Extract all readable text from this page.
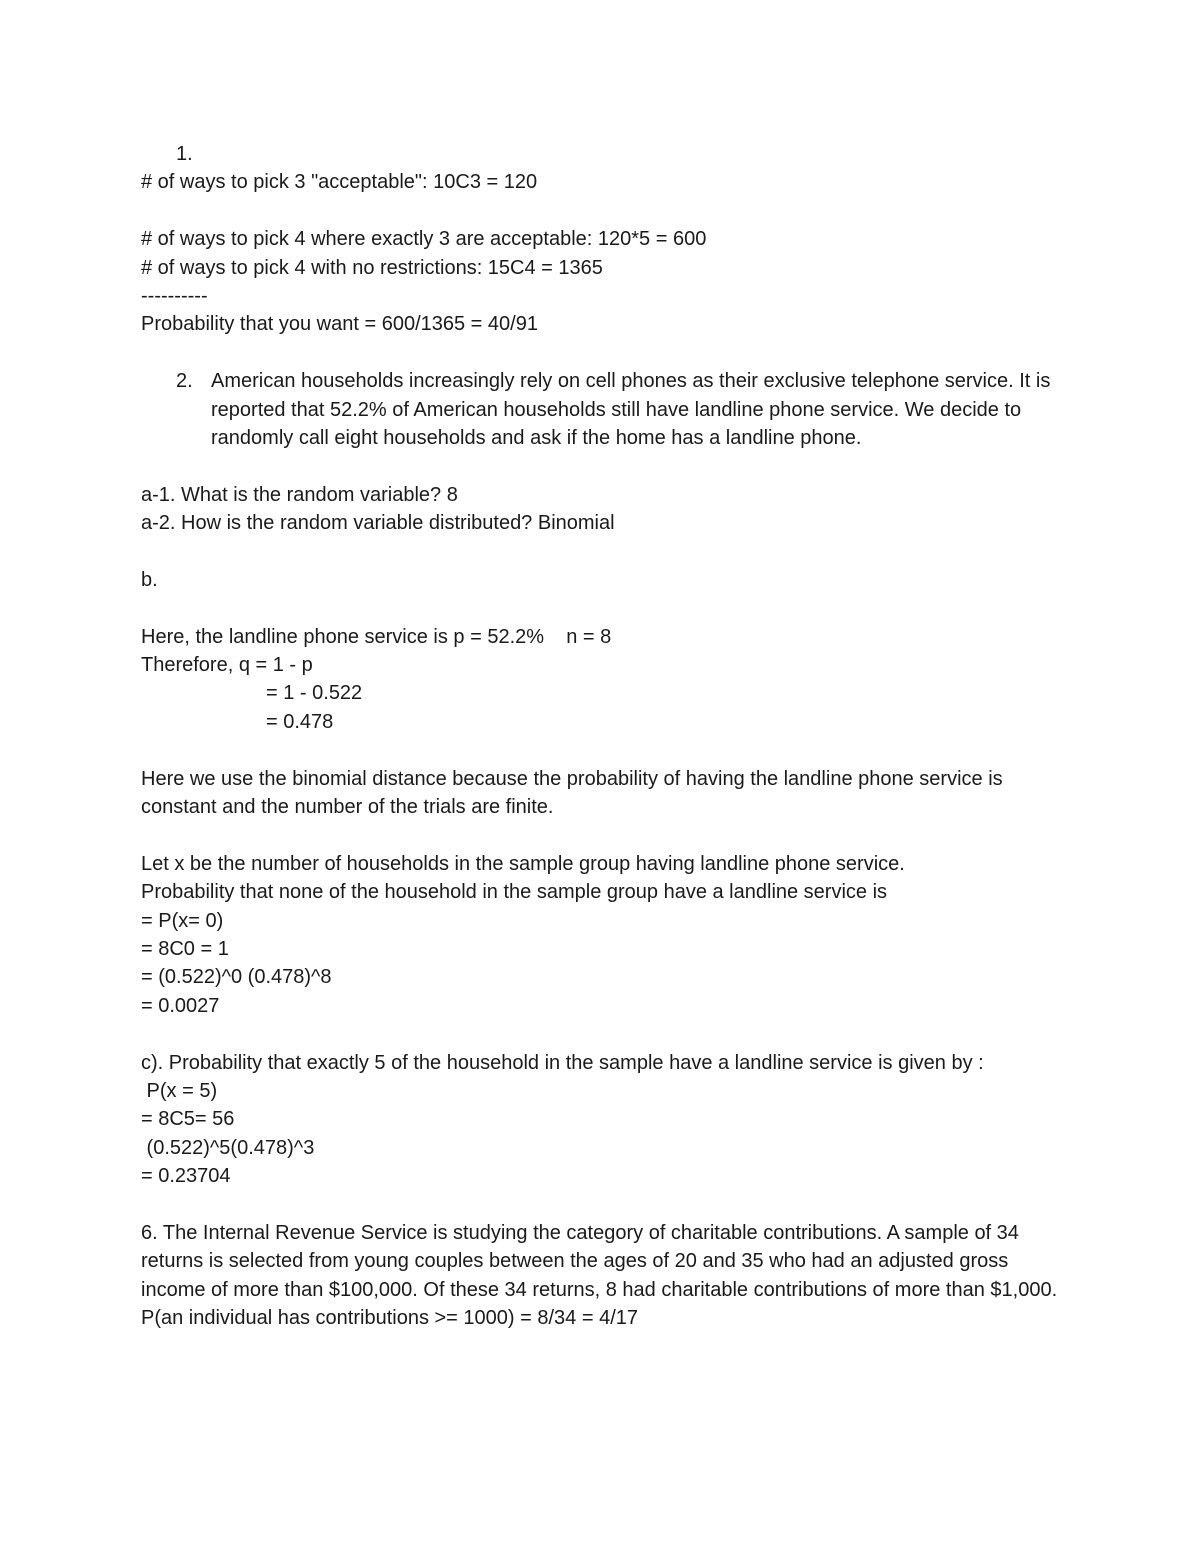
1.
# of ways to pick 3 "acceptable": 10C3 = 120
# of ways to pick 4 where exactly 3 are acceptable: 120*5 = 600
# of ways to pick 4 with no restrictions: 15C4 = 1365
----------
Probability that you want = 600/1365 = 40/91
2. American households increasingly rely on cell phones as their exclusive telephone service. It is reported that 52.2% of American households still have landline phone service. We decide to randomly call eight households and ask if the home has a landline phone.
a-1. What is the random variable? 8
a-2. How is the random variable distributed? Binomial
b.
Here, the landline phone service is p = 52.2%    n = 8
Therefore, q = 1 - p
= 1 - 0.522
= 0.478

Here we use the binomial distance because the probability of having the landline phone service is constant and the number of the trials are finite.

Let x be the number of households in the sample group having landline phone service.
Probability that none of the household in the sample group have a landline service is
= P(x= 0)
= 8C0 = 1
= (0.522)^0 (0.478)^8
= 0.0027
c). Probability that exactly 5 of the household in the sample have a landline service is given by :
P(x = 5)
= 8C5= 56
(0.522)^5(0.478)^3
= 0.23704

6. The Internal Revenue Service is studying the category of charitable contributions. A sample of 34 returns is selected from young couples between the ages of 20 and 35 who had an adjusted gross income of more than $100,000. Of these 34 returns, 8 had charitable contributions of more than $1,000.

P(an individual has contributions >= 1000) = 8/34 = 4/17
